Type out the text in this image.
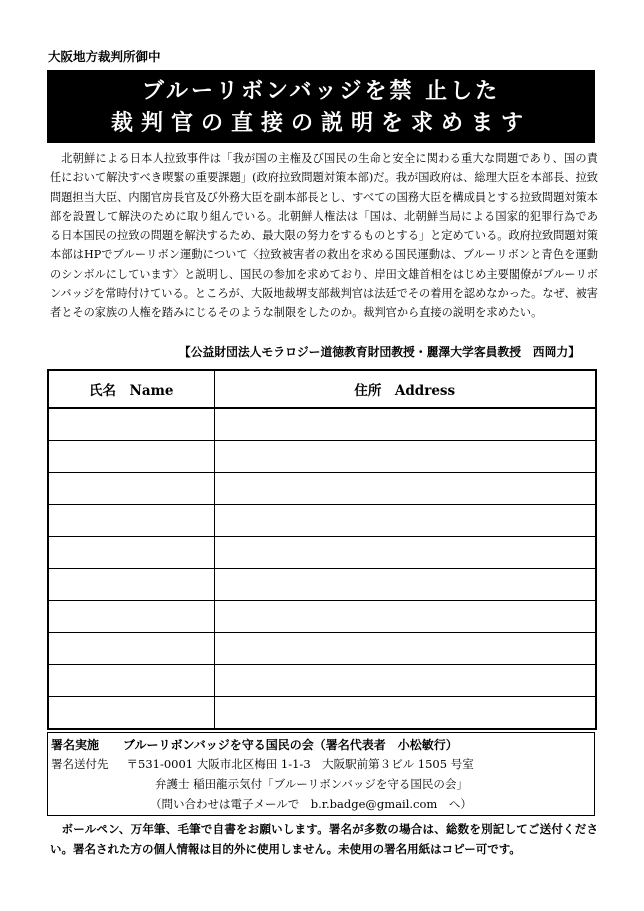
大阪地方裁判所御中
ブルーリボンバッジを禁 止した
裁判官の直接の説明を求めます

北朝鮮による日本人拉致事件は「我が国の主権及び国民の生命と安全に関わる重大な問題であり、国の責任において解決すべき喫緊の重要課題」(政府拉致問題対策本部)だ。我が国政府は、総理大臣を本部長、拉致問題担当大臣、内閣官房長官及び外務大臣を副本部長とし、すべての国務大臣を構成員とする拉致問題対策本部を設置して解決のために取り組んでいる。北朝鮮人権法は「国は、北朝鮮当局による国家的犯罪行為である日本国民の拉致の問題を解決するため、最大限の努力をするものとする」と定めている。政府拉致問題対策本部はHPでブルーリボン運動について〈拉致被害者の救出を求める国民運動は、ブルーリボンと青色を運動のシンボルにしています〉と説明し、国民の参加を求めており、岸田文雄首相をはじめ主要閣僚がブルーリボンバッジを常時付けている。ところが、大阪地裁堺支部裁判官は法廷でその着用を認めなかった。なぜ、被害者とその家族の人権を踏みにじるそのような制限をしたのか。裁判官から直接の説明を求めたい。

【公益財団法人モラロジー道徳教育財団教授・麗澤大学客員教授　西岡力】
氏名　Name	住所　Address

署名実施 ブルーリボンバッジを守る国民の会（署名代表者　小松敏行）
署名送付先 〒531-0001 大阪市北区梅田 1-1-3　大阪駅前第３ビル 1505 号室
弁護士 稲田龍示気付「ブルーリボンバッジを守る国民の会」
（問い合わせは電子メールで　b.r.badge@gmail.com　へ）

ボールペン、万年筆、毛筆で自書をお願いします。署名が多数の場合は、総数を別記してご送付ください。署名された方の個人情報は目的外に使用しません。未使用の署名用紙はコピー可です。
